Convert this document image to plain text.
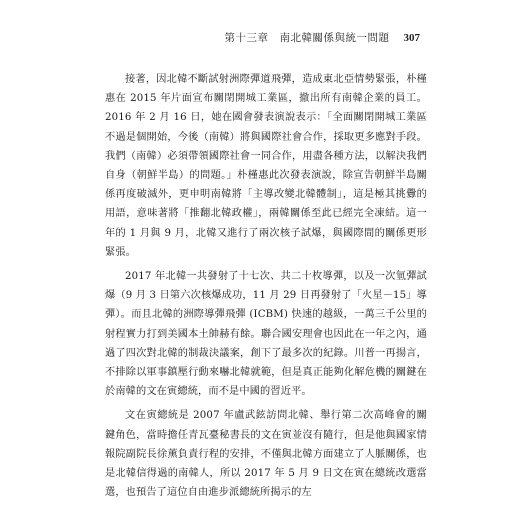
第十三章　南北韓關係與統一問題 307

接著，因北韓不斷試射洲際彈道飛彈，造成東北亞情勢緊張，朴槿惠在 2015 年片面宣布關閉開城工業區，撤出所有南韓企業的員工。2016 年 2 月 16 日，她在國會發表演說表示：「全面關閉開城工業區不過是個開始，今後（南韓）將與國際社會合作，採取更多應對手段。我們（南韓）必須帶領國際社會一同合作，用盡各種方法，以解決我們自身（朝鮮半島）的問題。」朴槿惠此次發表演說，除宣告朝鮮半島關係再度破滅外，更申明南韓將「主導改變北韓體制」，這是極其挑釁的用語，意味著將「推翻北韓政權」，兩韓關係至此已經完全凍結。這一年的 1 月與 9 月，北韓又進行了兩次核子試爆，與國際間的關係更形緊張。

2017 年北韓一共發射了十七次、共二十枚導彈，以及一次氫彈試爆（9 月 3 日第六次核爆成功，11 月 29 日再發射了「火星－15」導彈）。而且北韓的洲際導彈飛彈 (ICBM) 快速的越級，一萬三千公里的射程實力打到美國本土帥赫有餘。聯合國安理會也因此在一年之內，通過了四次對北韓的制裁決議案，創下了最多次的紀錄。川普一再揚言，不排除以軍事鎮壓行動來嚇北韓就範，但是真正能夠化解危機的關鍵在於南韓的文在寅總統，而不是中國的習近平。

文在寅總統是 2007 年盧武鉉訪問北韓、舉行第二次高峰會的關鍵角色，當時擔任青瓦臺秘書長的文在寅並沒有隨行，但是他與國家情報院副院長徐薰負責行程的安排，不僅與北韓方面建立了人脈關係，也是北韓信得過的南韓人，所以 2017 年 5 月 9 日文在寅在總統改選當選，也預告了這位自由進步派總統所揭示的左
